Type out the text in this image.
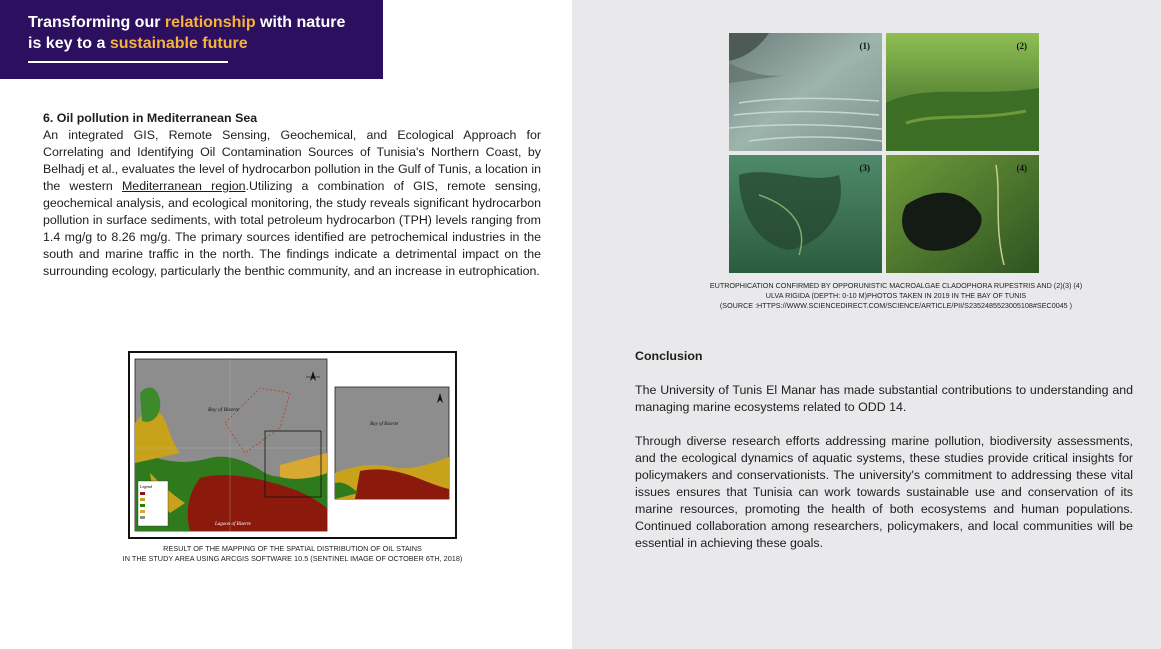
Transforming our relationship with nature
is key to a sustainable future
6. Oil pollution in Mediterranean Sea
An integrated GIS, Remote Sensing, Geochemical, and Ecological Approach for Correlating and Identifying Oil Contamination Sources of Tunisia's Northern Coast, by Belhadj et al., evaluates the level of hydrocarbon pollution in the Gulf of Tunis, a location in the western Mediterranean region.Utilizing a combination of GIS, remote sensing, geochemical analysis, and ecological monitoring, the study reveals significant hydrocarbon pollution in surface sediments, with total petroleum hydrocarbon (TPH) levels ranging from 1.4 mg/g to 8.26 mg/g. The primary sources identified are petrochemical industries in the south and marine traffic in the north. The findings indicate a detrimental impact on the surrounding ecology, particularly the benthic community, and an increase in eutrophication.
Legend
Bay of Bizerte
Lagoon of Bizerte
Bay of Bizerte
RESULT OF THE MAPPING OF THE SPATIAL DISTRIBUTION OF OIL STAINS
IN THE STUDY AREA USING ARCGIS SOFTWARE 10.5 (SENTINEL IMAGE OF OCTOBER 6TH, 2018)
(1)	(2)
(3)	(4)
EUTROPHICATION CONFIRMED BY OPPORUNISTIC MACROALGAE CLADOPHORA RUPESTRIS AND (2)(3) (4)
ULVA RIGIDA (DEPTH: 0-10 M)PHOTOS TAKEN IN 2019 IN THE BAY OF TUNIS
(SOURCE :HTTPS://WWW.SCIENCEDIRECT.COM/SCIENCE/ARTICLE/PII/S235248552300510​8#SEC0045 )
Conclusion
The University of Tunis El Manar has made substantial contributions to understanding and managing marine ecosystems related to ODD 14.
Through diverse research efforts addressing marine pollution, biodiversity assessments, and the ecological dynamics of aquatic systems, these studies provide critical insights for policymakers and conservationists. The university's commitment to addressing these vital issues ensures that Tunisia can work towards sustainable use and conservation of its marine resources, promoting the health of both ecosystems and human populations. Continued collaboration among researchers, policymakers, and local communities will be essential in achieving these goals.
